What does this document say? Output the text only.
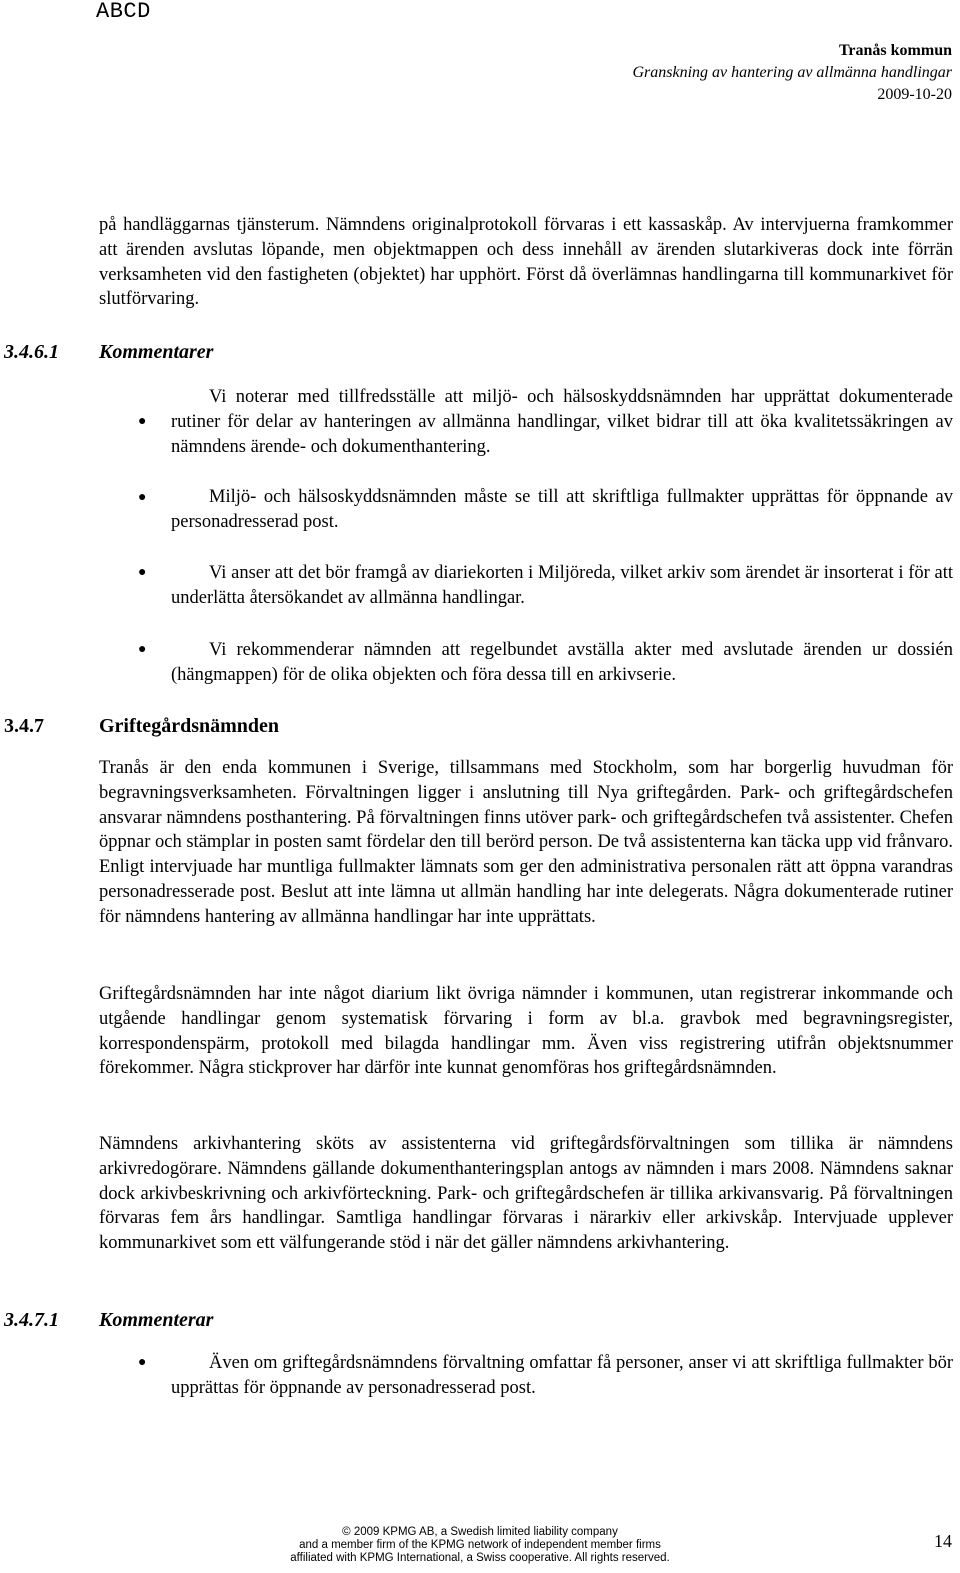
ABCD
Tranås kommun
Granskning av hantering av allmänna handlingar
2009-10-20
på handläggarnas tjänsterum. Nämndens originalprotokoll förvaras i ett kassaskåp. Av intervjuerna framkommer att ärenden avslutas löpande, men objektmappen och dess innehåll av ärenden slutarkiveras dock inte förrän verksamheten vid den fastigheten (objektet) har upphört. Först då överlämnas handlingarna till kommunarkivet för slutförvaring.
3.4.6.1 Kommentarer
●
Vi noterar med tillfredsställe att miljö- och hälsoskyddsnämnden har upprättat dokumenterade rutiner för delar av hanteringen av allmänna handlingar, vilket bidrar till att öka kvalitetssäkringen av nämndens ärende- och dokumenthantering.
●	Miljö- och hälsoskyddsnämnden måste se till att skriftliga fullmakter upprättas för öppnande av personadresserad post.
●	Vi anser att det bör framgå av diariekorten i Miljöreda, vilket arkiv som ärendet är insorterat i för att underlätta återsökandet av allmänna handlingar.
●	Vi rekommenderar nämnden att regelbundet avställa akter med avslutade ärenden ur dossién (hängmappen) för de olika objekten och föra dessa till en arkivserie.
3.4.7	Griftegårdsnämnden
Tranås är den enda kommunen i Sverige, tillsammans med Stockholm, som har borgerlig huvudman för begravningsverksamheten. Förvaltningen ligger i anslutning till Nya griftegården. Park- och griftegårdschefen ansvarar nämndens posthantering. På förvaltningen finns utöver park- och griftegårdschefen två assistenter. Chefen öppnar och stämplar in posten samt fördelar den till berörd person. De två assistenterna kan täcka upp vid frånvaro. Enligt intervjuade har muntliga fullmakter lämnats som ger den administrativa personalen rätt att öppna varandras personadresserade post. Beslut att inte lämna ut allmän handling har inte delegerats. Några dokumenterade rutiner för nämndens hantering av allmänna handlingar har inte upprättats.
Griftegårdsnämnden har inte något diarium likt övriga nämnder i kommunen, utan registrerar inkommande och utgående handlingar genom systematisk förvaring i form av bl.a. gravbok med begravningsregister, korrespondenspärm, protokoll med bilagda handlingar mm. Även viss registrering utifrån objektsnummer förekommer. Några stickprover har därför inte kunnat genomföras hos griftegårdsnämnden.
Nämndens arkivhantering sköts av assistenterna vid griftegårdsförvaltningen som tillika är nämndens arkivredogörare. Nämndens gällande dokumenthanteringsplan antogs av nämnden i mars 2008. Nämndens saknar dock arkivbeskrivning och arkivförteckning. Park- och griftegårdschefen är tillika arkivansvarig. På förvaltningen förvaras fem års handlingar. Samtliga handlingar förvaras i närarkiv eller arkivskåp. Intervjuade upplever kommunarkivet som ett välfungerande stöd i när det gäller nämndens arkivhantering.
3.4.7.1 Kommenterar
●	Även om griftegårdsnämndens förvaltning omfattar få personer, anser vi att skriftliga fullmakter bör upprättas för öppnande av personadresserad post.
14
© 2009 KPMG AB, a Swedish limited liability company
and a member firm of the KPMG network of independent member firms
affiliated with KPMG International, a Swiss cooperative. All rights reserved.
